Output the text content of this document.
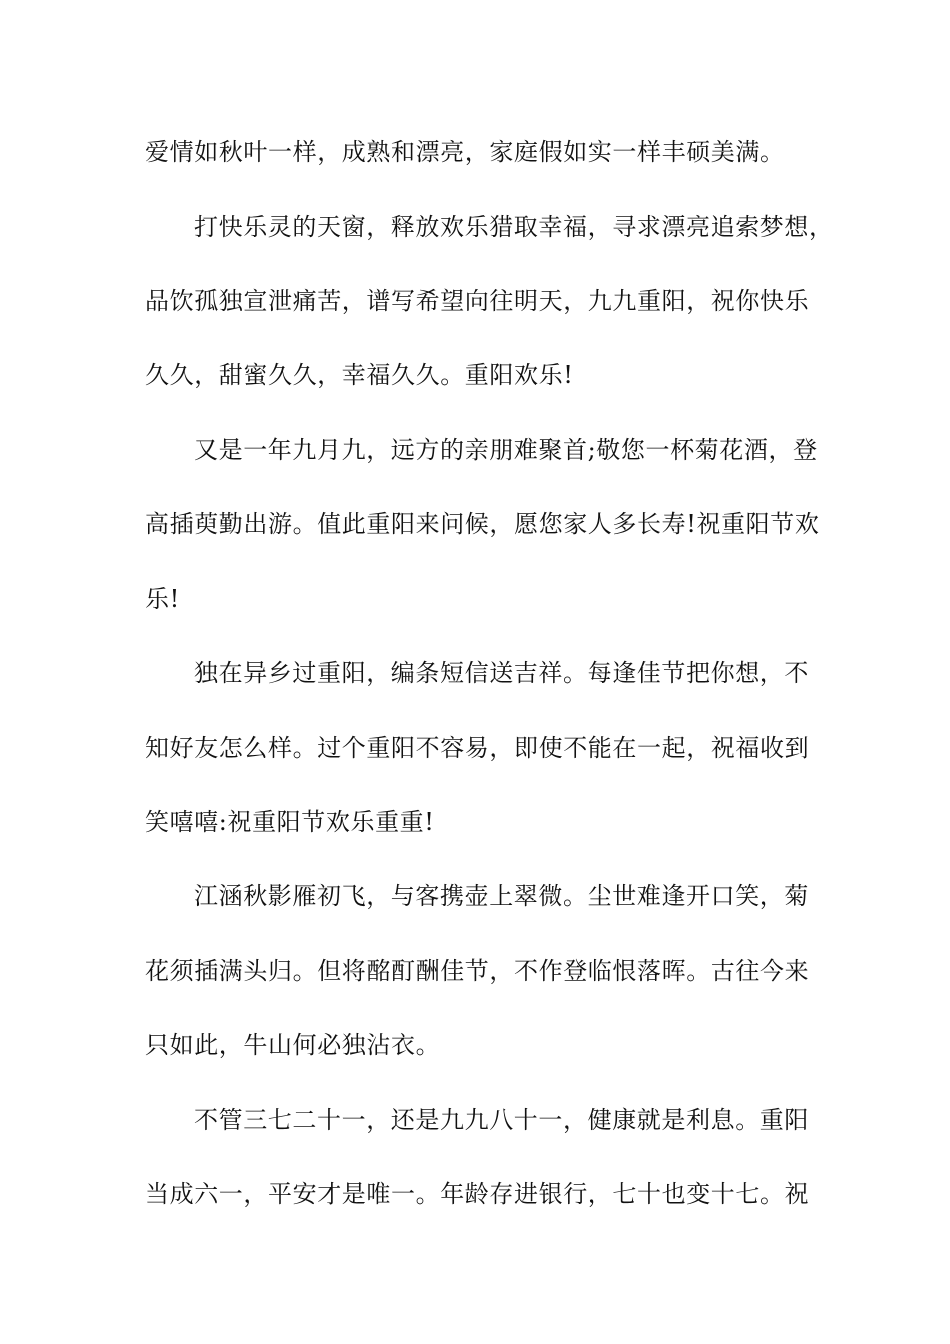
爱情如秋叶一样，成熟和漂亮，家庭假如实一样丰硕美满。
打快乐灵的天窗，释放欢乐猎取幸福，寻求漂亮追索梦想，
品饮孤独宣泄痛苦，谱写希望向往明天，九九重阳，祝你快乐
久久，甜蜜久久，幸福久久。重阳欢乐!
又是一年九月九，远方的亲朋难聚首;敬您一杯菊花酒，登
高插萸勤出游。值此重阳来问候，愿您家人多长寿!祝重阳节欢
乐!
独在异乡过重阳，编条短信送吉祥。每逢佳节把你想，不
知好友怎么样。过个重阳不容易，即使不能在一起，祝福收到
笑嘻嘻:祝重阳节欢乐重重!
江涵秋影雁初飞，与客携壶上翠微。尘世难逢开口笑，菊
花须插满头归。但将酩酊酬佳节，不作登临恨落晖。古往今来
只如此，牛山何必独沾衣。
不管三七二十一，还是九九八十一，健康就是利息。重阳
当成六一，平安才是唯一。年龄存进银行，七十也变十七。祝
